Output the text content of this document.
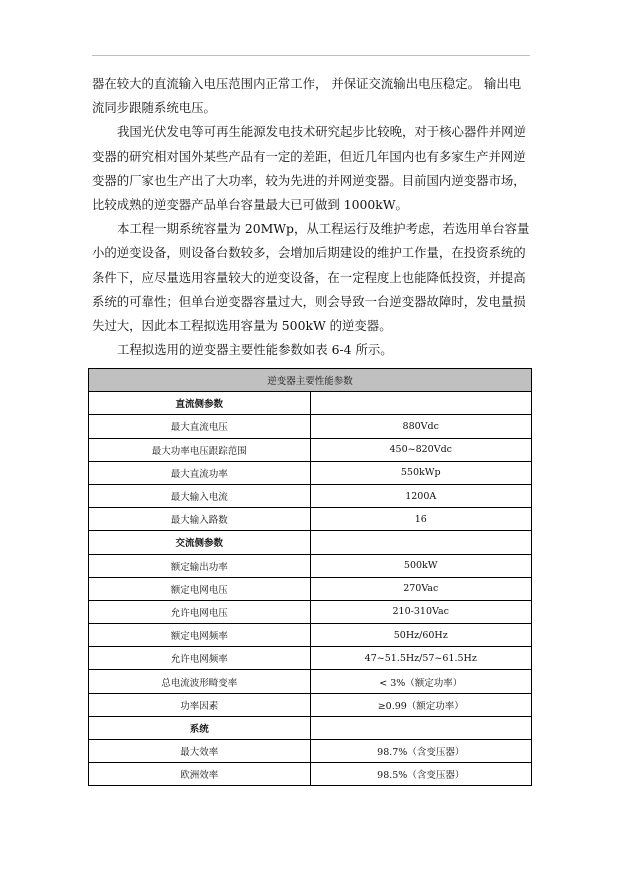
器在较大的直流输入电压范围内正常工作， 并保证交流输出电压稳定。 输出电流同步跟随系统电压。

我国光伏发电等可再生能源发电技术研究起步比较晚，对于核心器件并网逆变器的研究相对国外某些产品有一定的差距，但近几年国内也有多家生产并网逆变器的厂家也生产出了大功率，较为先进的并网逆变器。目前国内逆变器市场，比较成熟的逆变器产品单台容量最大已可做到 1000kW。

本工程一期系统容量为 20MWp，从工程运行及维护考虑，若选用单台容量小的逆变设备，则设备台数较多，会增加后期建设的维护工作量，在投资系统的条件下，应尽量选用容量较大的逆变设备，在一定程度上也能降低投资，并提高系统的可靠性；但单台逆变器容量过大，则会导致一台逆变器故障时，发电量损失过大，因此本工程拟选用容量为 500kW 的逆变器。

工程拟选用的逆变器主要性能参数如表 6-4 所示。

逆变器主要性能参数	
直流侧参数	
最大直流电压	880Vdc
最大功率电压跟踪范围	450~820Vdc
最大直流功率	550kWp
最大输入电流	1200A
最大输入路数	16
交流侧参数	
额定输出功率	500kW
额定电网电压	270Vac
允许电网电压	210-310Vac
额定电网频率	50Hz/60Hz
允许电网频率	47~51.5Hz/57~61.5Hz
总电流波形畸变率	< 3%（额定功率）
功率因素	≥0.99（额定功率）
系统	
最大效率	98.7%（含变压器）
欧洲效率	98.5%（含变压器）
